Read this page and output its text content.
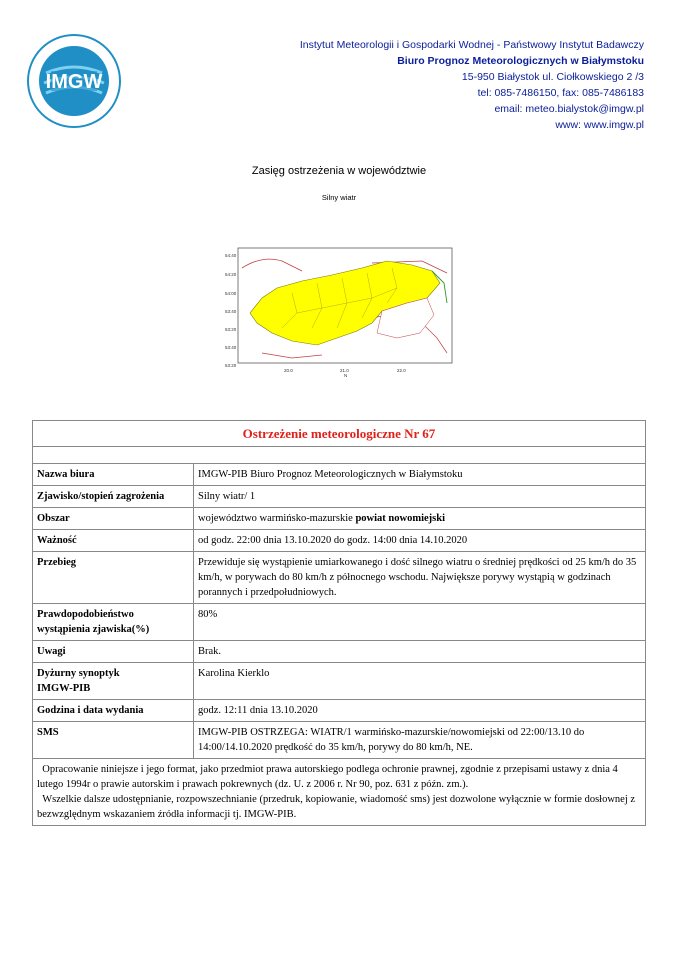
IMGW
Instytut Meteorologii i Gospodarki Wodnej - Państwowy Instytut Badawczy
Biuro Prognoz Meteorologicznych w Białymstoku
15-950 Białystok ul. Ciołkowskiego 2 /3
tel: 085-7486150, fax: 085-7486183
email: meteo.bialystok@imgw.pl
www: www.imgw.pl
Zasięg ostrzeżenia w województwie
Silny wiatr
54:40
54:20
54:00
53:40
53:20
53:40
53:20
20.0	21.0	22.0
N
Ostrzeżenie meteorologiczne Nr 67	

Nazwa biura	IMGW-PIB Biuro Prognoz Meteorologicznych w Białymstoku
Zjawisko/stopień zagrożenia	Silny wiatr/ 1
Obszar	województwo warmińsko-mazurskie powiat nowomiejski
Ważność	od godz. 22:00 dnia 13.10.2020 do godz. 14:00 dnia 14.10.2020
Przebieg	Przewiduje się wystąpienie umiarkowanego i dość silnego wiatru o średniej prędkości od 25 km/h do 35 km/h, w porywach do 80 km/h z północnego wschodu. Największe porywy wystąpią w godzinach porannych i przedpołudniowych.
Prawdopodobieństwo
wystąpienia zjawiska(%)	80%
Uwagi	Brak.
Dyżurny synoptyk
IMGW-PIB	Karolina Kierklo
Godzina i data wydania	godz. 12:11 dnia 13.10.2020
SMS	IMGW-PIB OSTRZEGA: WIATR/1 warmińsko-mazurskie/nowomiejski od 22:00/13.10 do 14:00/14.10.2020 prędkość do 35 km/h, porywy do 80 km/h, NE.
Opracowanie niniejsze i jego format, jako przedmiot prawa autorskiego podlega ochronie prawnej, zgodnie z przepisami ustawy z dnia 4 lutego 1994r o prawie autorskim i prawach pokrewnych (dz. U. z 2006 r. Nr 90, poz. 631 z późn. zm.).
Wszelkie dalsze udostępnianie, rozpowszechnianie (przedruk, kopiowanie, wiadomość sms) jest dozwolone wyłącznie w formie dosłownej z bezwzględnym wskazaniem źródła informacji tj. IMGW-PIB.	
